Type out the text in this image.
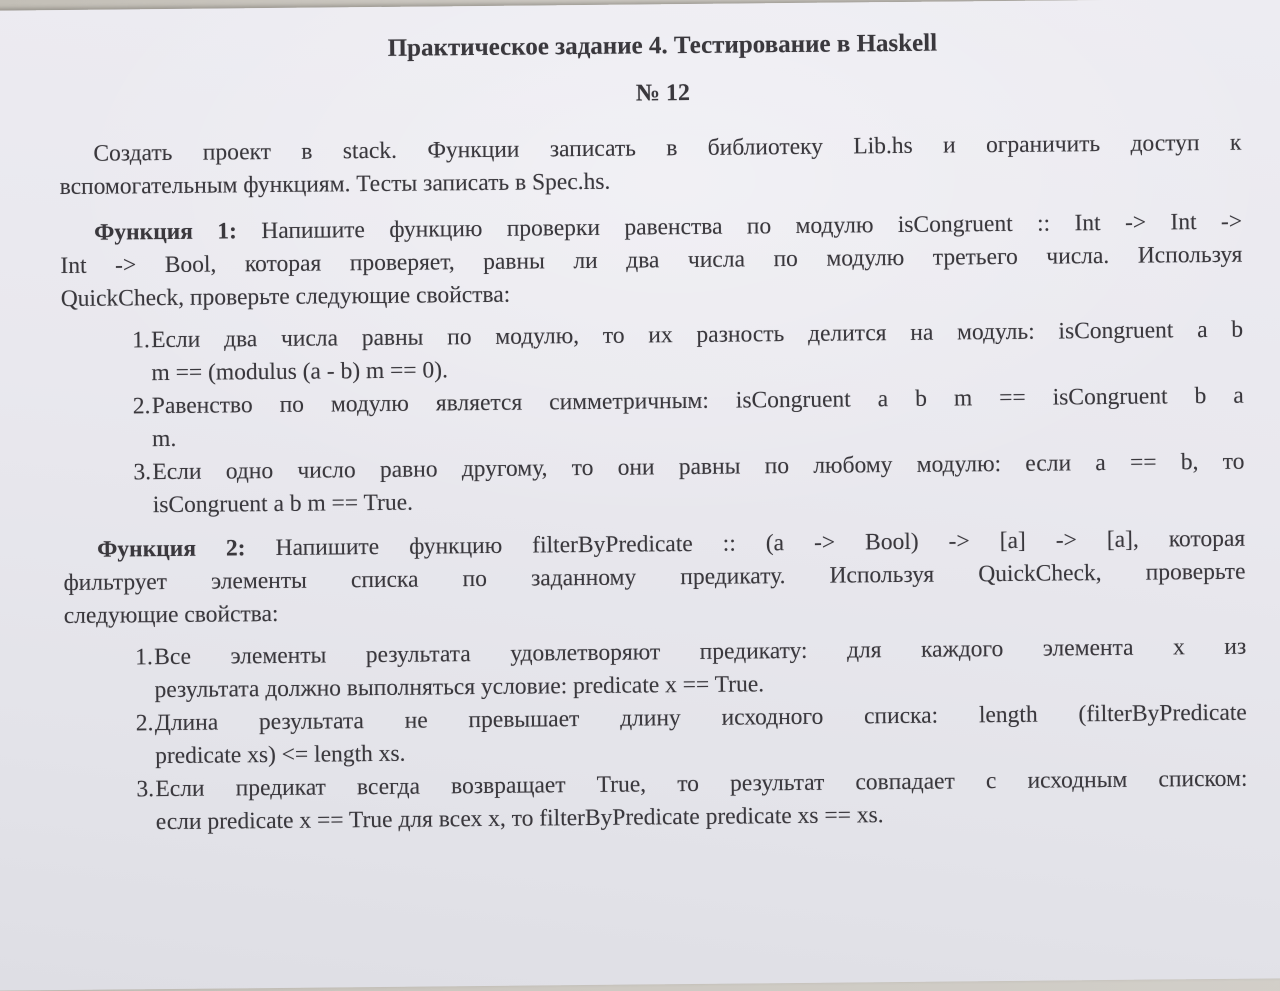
Практическое задание 4. Тестирование в Haskell
№ 12
Создать проект в stack. Функции записать в библиотеку Lib.hs и ограничить доступ к
вспомогательным функциям. Тесты записать в Spec.hs.
Функция 1: Напишите функцию проверки равенства по модулю isCongruent :: Int -> Int ->
Int -> Bool, которая проверяет, равны ли два числа по модулю третьего числа. Используя
QuickCheck, проверьте следующие свойства:
1. Если два числа равны по модулю, то их разность делится на модуль: isCongruent a b
m == (modulus (a - b) m == 0).
2. Равенство по модулю является симметричным: isCongruent a b m == isCongruent b a
m.
3. Если одно число равно другому, то они равны по любому модулю: если a == b, то
isCongruent a b m == True.
Функция 2: Напишите функцию filterByPredicate :: (a -> Bool) -> [a] -> [a], которая
фильтрует элементы списка по заданному предикату. Используя QuickCheck, проверьте
следующие свойства:
1. Все элементы результата удовлетворяют предикату: для каждого элемента x из
результата должно выполняться условие: predicate x == True.
2. Длина результата не превышает длину исходного списка: length (filterByPredicate
predicate xs) <= length xs.
3. Если предикат всегда возвращает True, то результат совпадает с исходным списком:
если predicate x == True для всех x, то filterByPredicate predicate xs == xs.
